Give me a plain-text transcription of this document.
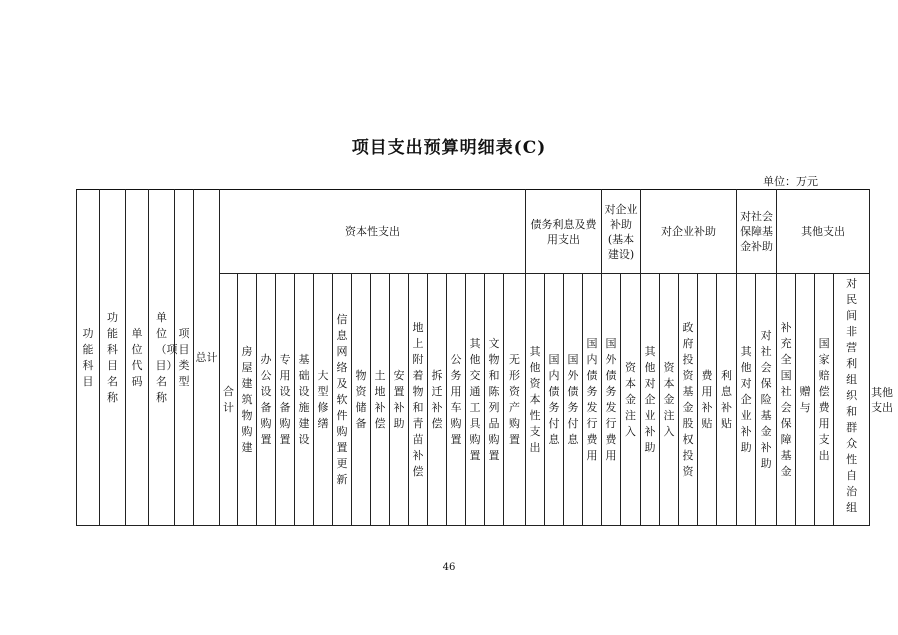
项目支出预算明细表(C)
单位：万元
功能科目	功能科目名称	单位代码	单位（项目）名称	项目类型	总计	资本性支出																债务利息及费用支出				对企业补助(基本建设)		对企业补助					对社会保障基金补助		其他支出				
						合计	房屋建筑物购建	办公设备购置	专用设备购置	基础设施建设	大型修缮	信息网络及软件购置更新	物资储备	土地补偿	安置补助	地上附着物和青苗补偿	拆迁补偿	公务用车购置	其他交通工具购置	文物和陈列品购置	无形资产购置	其他资本性支出	国内债务付息	国外债务付息	国内债务发行费用	国外债务发行费用	资本金注入	其他对企业补助	资本金注入	政府投资基金股权投资	费用补贴	利息补贴	其他对企业补助	对社会保险基金补助	补充全国社会保障基金	赠与	国家赔偿费用支出	对民间非营利组织和群众性自治组	其他支出
46
